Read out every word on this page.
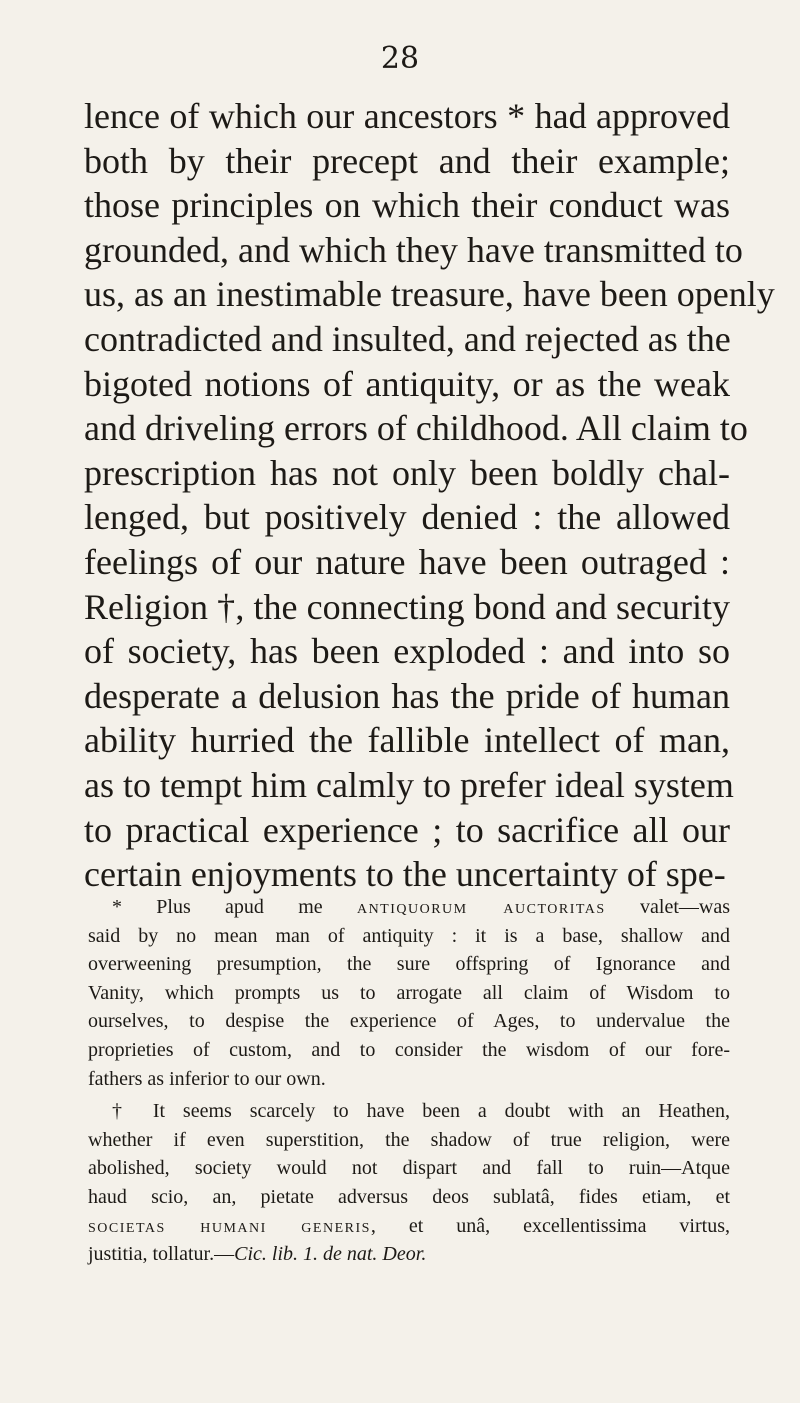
28
lence of which our ancestors * had approved
both by their precept and their example;
those principles on which their conduct was
grounded, and which they have transmitted to
us, as an inestimable treasure, have been openly
contradicted and insulted, and rejected as the
bigoted notions of antiquity, or as the weak
and driveling errors of childhood. All claim to
prescription has not only been boldly chal-
lenged, but positively denied : the allowed
feelings of our nature have been outraged :
Religion †, the connecting bond and security
of society, has been exploded : and into so
desperate a delusion has the pride of human
ability hurried the fallible intellect of man,
as to tempt him calmly to prefer ideal system
to practical experience ; to sacrifice all our
certain enjoyments to the uncertainty of spe-
* Plus apud me antiquorum auctoritas valet—was
said by no mean man of antiquity : it is a base, shallow and
overweening presumption, the sure offspring of Ignorance and
Vanity, which prompts us to arrogate all claim of Wisdom to
ourselves, to despise the experience of Ages, to undervalue the
proprieties of custom, and to consider the wisdom of our fore-
fathers as inferior to our own.
† It seems scarcely to have been a doubt with an Heathen,
whether if even superstition, the shadow of true religion, were
abolished, society would not dispart and fall to ruin—Atque
haud scio, an, pietate adversus deos sublatâ, fides etiam, et
societas humani generis, et unâ, excellentissima virtus,
justitia, tollatur.—Cic. lib. 1. de nat. Deor.
